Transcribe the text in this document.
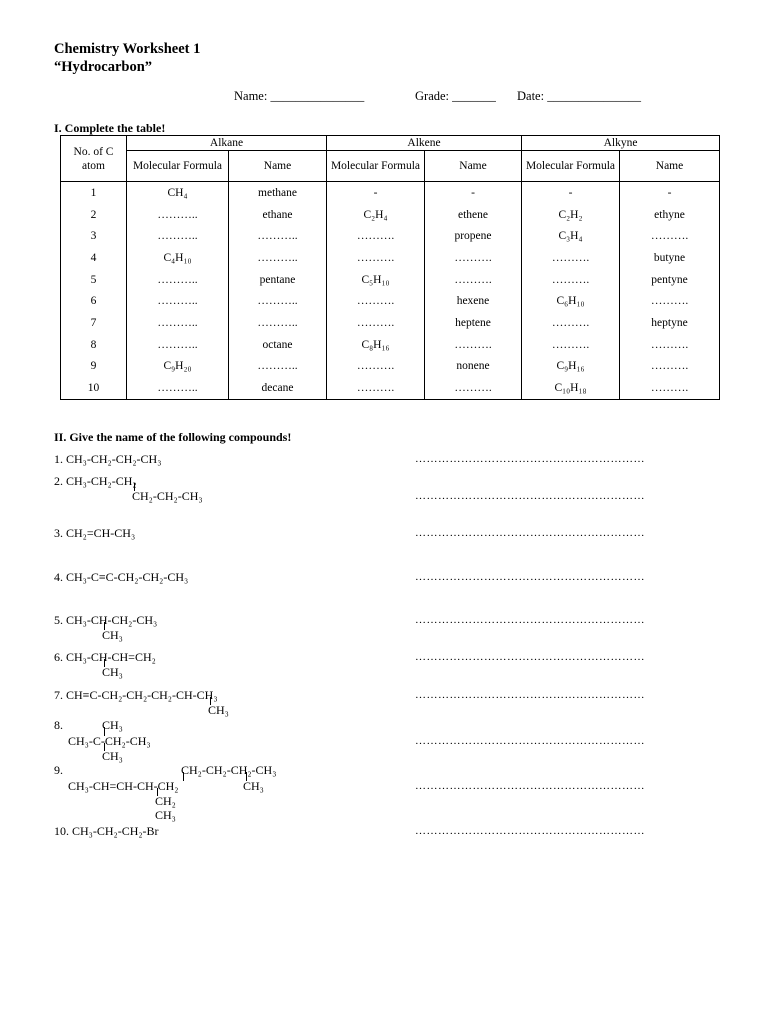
Chemistry Worksheet 1
“Hydrocarbon”
Name: _______________	Grade: _______ Date: _______________
I. Complete the table!
No. of C atom	Alkane		Alkene		Alkyne	
	Molecular Formula	Name	Molecular Formula	Name	Molecular Formula	Name
1	CH₄	methane	-	-	-	-
2	………..	ethane	C₂H₄	ethene	C₂H₂	ethyne
3	………..	………..	……….	propene	C₃H₄	……….
4	C₄H₁₀	………..	……….	……….	……….	butyne
5	………..	pentane	C₅H₁₀	……….	……….	pentyne
6	………..	………..	……….	hexene	C₆H₁₀	……….
7	………..	………..	……….	heptene	……….	heptyne
8	………..	octane	C₈H₁₆	……….	……….	……….
9	C₉H₂₀	………..	……….	nonene	C₉H₁₆	……….
10	………..	decane	……….	……….	C₁₀H₁₈	……….
II. Give the name of the following compounds!
1. CH₃-CH₂-CH₂-CH₃	……………………………………………………
2. CH₃-CH₂-CH₂
CH₂-CH₂-CH₃	……………………………………………………
3. CH₂=CH-CH₃	……………………………………………………
4. CH₃-C≡C-CH₂-CH₂-CH₃	……………………………………………………
5. CH₃-CH-CH₂-CH₃
CH₃
……………………………………………………
6. CH₃-CH-CH=CH₂
CH₃
……………………………………………………
7. CH≡C-CH₂-CH₂-CH₂-CH-CH₃
CH₃
……………………………………………………
8.	CH₃
CH₃-C-CH₂-CH₃
CH₃
……………………………………………………
9.	CH₂-CH₂-CH₂-CH₃
CH₃-CH=CH-CH-CH₂	CH₃
CH₂
CH₃
……………………………………………………
10. CH₃-CH₂-CH₂-Br	……………………………………………………
